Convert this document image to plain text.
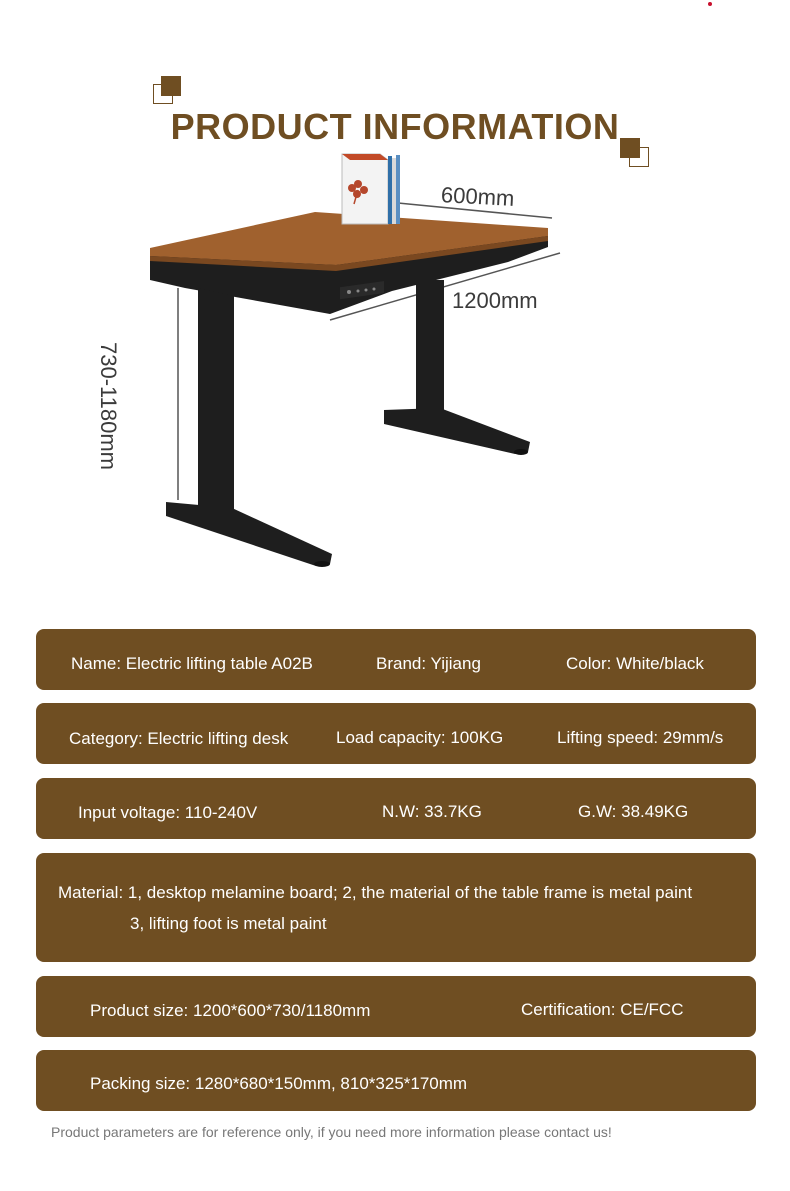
PRODUCT INFORMATION
600mm
1200mm
730-1180mm
Name: Electric lifting table A02B	Brand: Yijiang	Color: White/black
Category: Electric lifting desk	Load capacity: 100KG	Lifting speed: 29mm/s
Input voltage: 110-240V	N.W: 33.7KG	G.W: 38.49KG
Material: 1, desktop melamine board; 2, the material of the table frame is metal paint
3, lifting foot is metal paint
Product size: 1200*600*730/1180mm	Certification: CE/FCC
Packing size: 1280*680*150mm, 810*325*170mm
Product parameters are for reference only, if you need more information please contact us!
